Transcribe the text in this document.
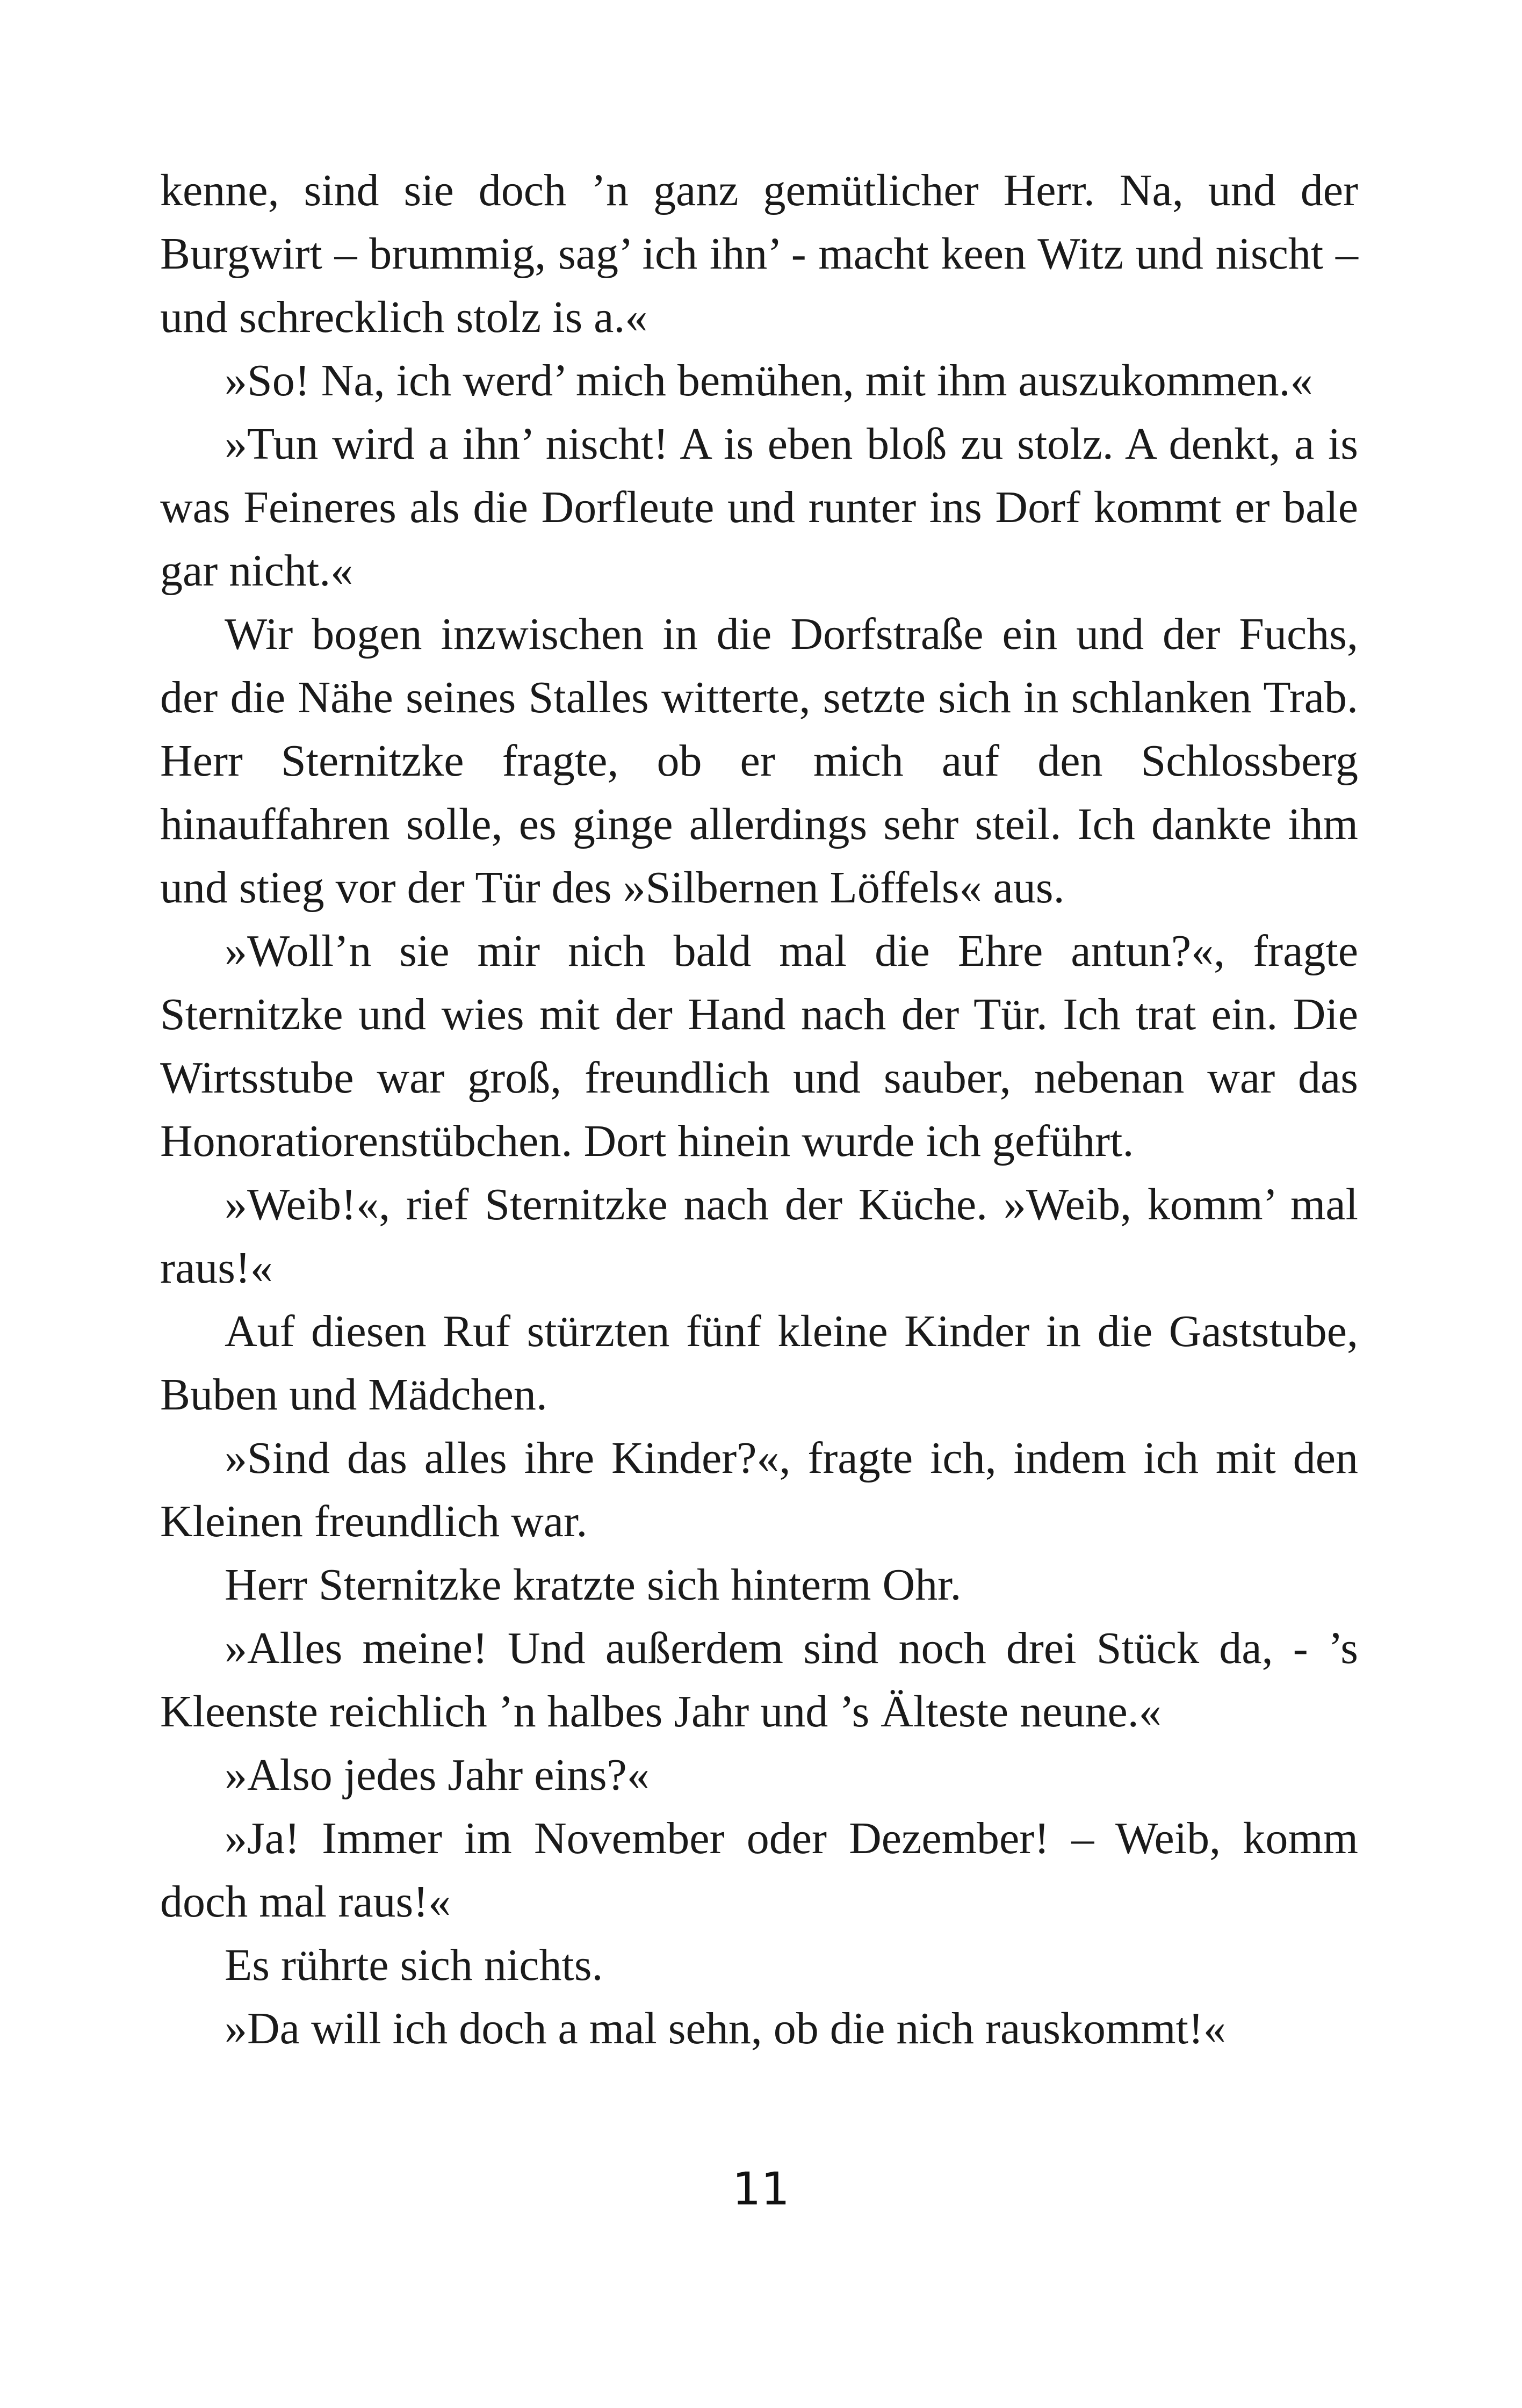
kenne, sind sie doch ’n ganz gemütlicher Herr. Na, und der Burgwirt – brummig, sag’ ich ihn’ - macht keen Witz und nischt – und schrecklich stolz is a.«

»So! Na, ich werd’ mich bemühen, mit ihm auszukommen.«

»Tun wird a ihn’ nischt! A is eben bloß zu stolz. A denkt, a is was Feineres als die Dorfleute und runter ins Dorf kommt er bale gar nicht.«

Wir bogen inzwischen in die Dorfstraße ein und der Fuchs, der die Nähe seines Stalles witterte, setzte sich in schlanken Trab. Herr Sternitzke fragte, ob er mich auf den Schlossberg hinauffahren solle, es ginge allerdings sehr steil. Ich dankte ihm und stieg vor der Tür des »Silbernen Löffels« aus.

»Woll’n sie mir nich bald mal die Ehre antun?«, fragte Sternitzke und wies mit der Hand nach der Tür. Ich trat ein. Die Wirtsstube war groß, freundlich und sauber, nebenan war das Honoratiorenstübchen. Dort hinein wurde ich geführt.

»Weib!«, rief Sternitzke nach der Küche. »Weib, komm’ mal raus!«

Auf diesen Ruf stürzten fünf kleine Kinder in die Gaststube, Buben und Mädchen.

»Sind das alles ihre Kinder?«, fragte ich, indem ich mit den Kleinen freundlich war.

Herr Sternitzke kratzte sich hinterm Ohr.

»Alles meine! Und außerdem sind noch drei Stück da, - ’s Kleenste reichlich ’n halbes Jahr und ’s Älteste neune.«

»Also jedes Jahr eins?«

»Ja! Immer im November oder Dezember! – Weib, komm doch mal raus!«

Es rührte sich nichts.

»Da will ich doch a mal sehn, ob die nich rauskommt!«

11
